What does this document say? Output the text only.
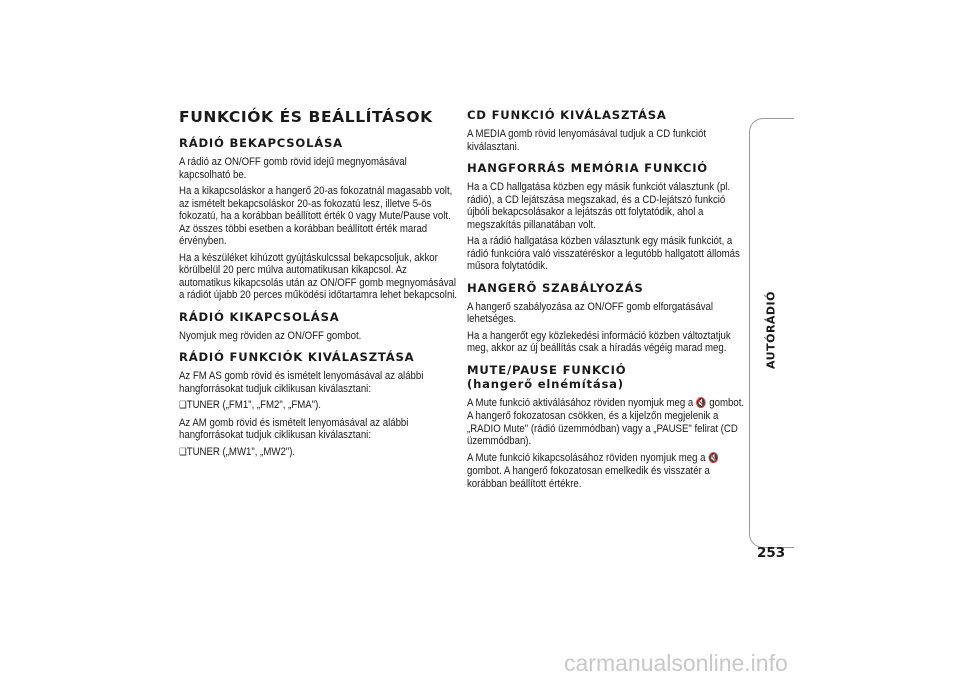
FUNKCIÓK ÉS BEÁLLÍTÁSOK
RÁDIÓ BEKAPCSOLÁSA

A rádió az ON/OFF gomb rövid idejű megnyomásával kapcsolható be.

Ha a kikapcsoláskor a hangerő 20-as fokozatnál magasabb volt, az ismételt bekapcsoláskor 20-as fokozatú lesz, illetve 5-ös fokozatú, ha a korábban beállított érték 0 vagy Mute/Pause volt. Az összes többi esetben a korábban beállított érték marad érvényben.

Ha a készüléket kihúzott gyújtáskulcssal bekapcsoljuk, akkor körülbelül 20 perc múlva automatikusan kikapcsol. Az automatikus kikapcsolás után az ON/OFF gomb megnyomásával a rádiót újabb 20 perces működési időtartamra lehet bekapcsolni.

RÁDIÓ KIKAPCSOLÁSA

Nyomjuk meg röviden az ON/OFF gombot.

RÁDIÓ FUNKCIÓK KIVÁLASZTÁSA

Az FM AS gomb rövid és ismételt lenyomásával az alábbi hangforrásokat tudjuk ciklikusan kiválasztani:

❑ TUNER („FM1", „FM2", „FMA").

Az AM gomb rövid és ismételt lenyomásával az alábbi hangforrásokat tudjuk ciklikusan kiválasztani:

❑ TUNER („MW1", „MW2").

CD FUNKCIÓ KIVÁLASZTÁSA

A MEDIA gomb rövid lenyomásával tudjuk a CD funkciót kiválasztani.

HANGFORRÁS MEMÓRIA FUNKCIÓ

Ha a CD hallgatása közben egy másik funkciót választunk (pl. rádió), a CD lejátszása megszakad, és a CD-lejátszó funkció újbóli bekapcsolásakor a lejátszás ott folytatódik, ahol a megszakítás pillanatában volt.

Ha a rádió hallgatása közben választunk egy másik funkciót, a rádió funkcióra való visszatéréskor a legutóbb hallgatott állomás műsora folytatódik.

HANGERŐ SZABÁLYOZÁS

A hangerő szabályozása az ON/OFF gomb elforgatásával lehetséges.

Ha a hangerőt egy közlekedési információ közben változtatjuk meg, akkor az új beállítás csak a híradás végéig marad meg.

MUTE/PAUSE FUNKCIÓ
(hangerő elnémítása)

A Mute funkció aktiválásához röviden nyomjuk meg a 🔇 gombot. A hangerő fokozatosan csökken, és a kijelzőn megjelenik a „RADIO Mute" (rádió üzemmódban) vagy a „PAUSE" felirat (CD üzemmódban).

A Mute funkció kikapcsolásához röviden nyomjuk meg a 🔇 gombot. A hangerő fokozatosan emelkedik és visszatér a korábban beállított értékre.

AUTÓRÁDIÓ
253
carmanualsonline.info
